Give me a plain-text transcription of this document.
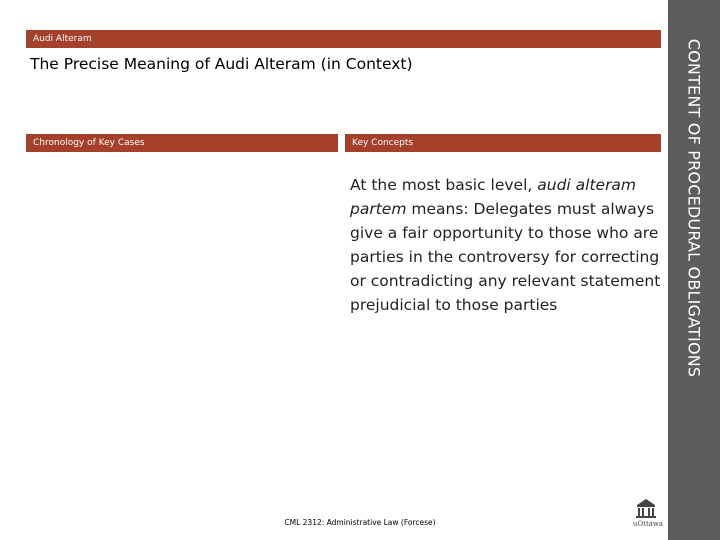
Audi Alteram
The Precise Meaning of Audi Alteram (in Context)
Chronology of Key Cases	Key Concepts
At the most basic level, audi alteram partem means: Delegates must always give a fair opportunity to those who are parties in the controversy for correcting or contradicting any relevant statement prejudicial to those parties	CONTENT OF PROCEDURAL OBLIGATIONS
CML 2312: Administrative Law (Forcese)	uOttawa
